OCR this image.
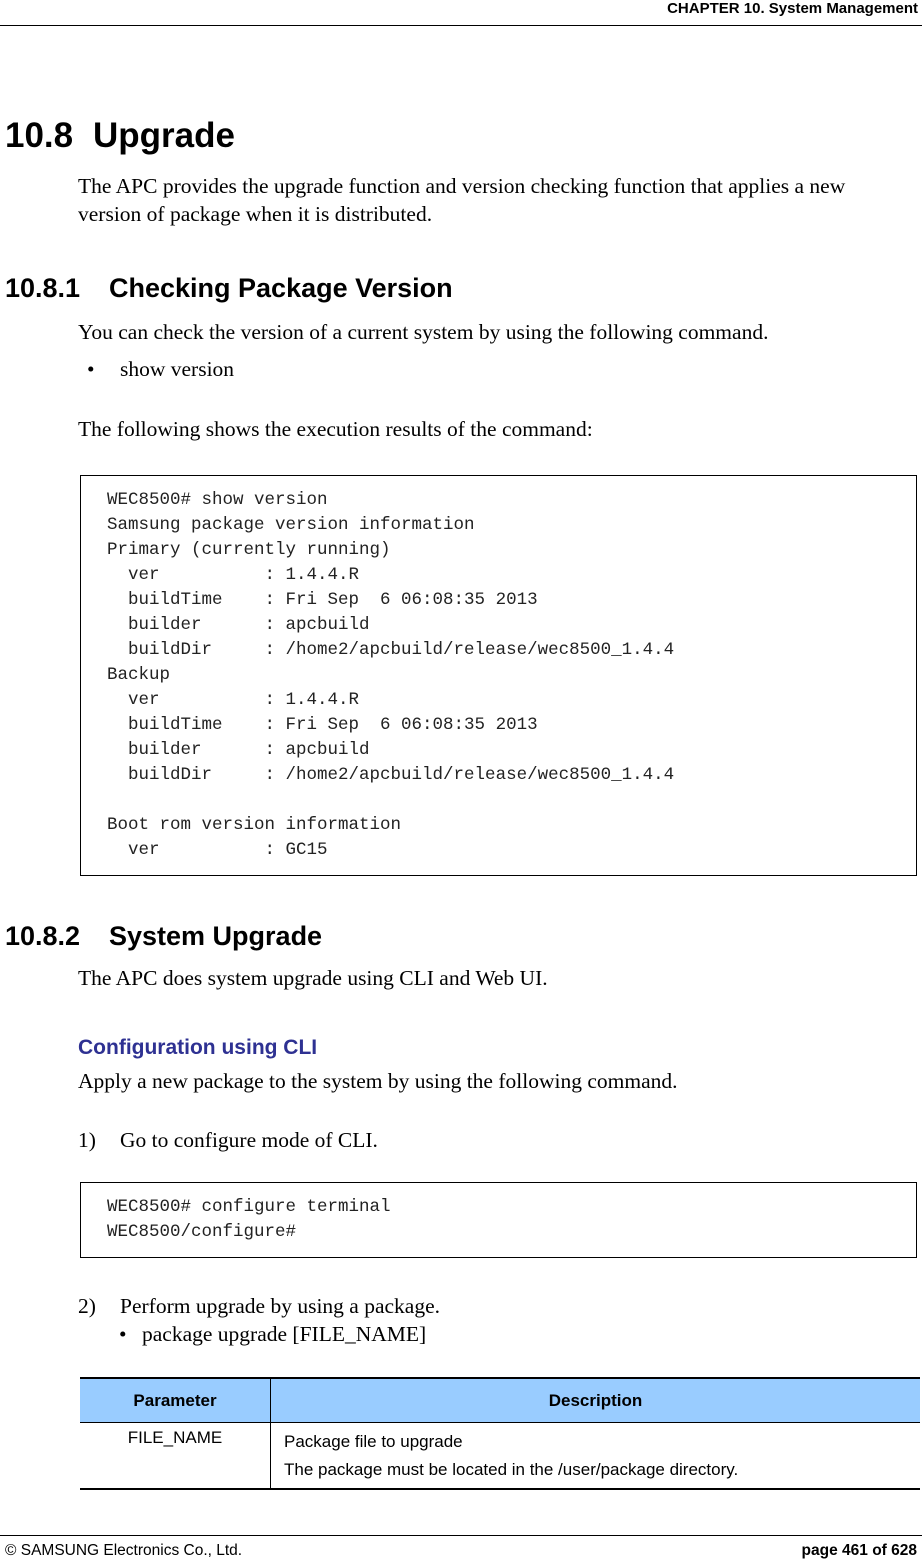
CHAPTER 10. System Management
10.8 Upgrade
The APC provides the upgrade function and version checking function that applies a new
version of package when it is distributed.
10.8.1 Checking Package Version
You can check the version of a current system by using the following command.
• show version
The following shows the execution results of the command:
WEC8500# show version
Samsung package version information
Primary (currently running)
ver          : 1.4.4.R
buildTime    : Fri Sep  6 06:08:35 2013
builder      : apcbuild
buildDir     : /home2/apcbuild/release/wec8500_1.4.4
Backup
ver          : 1.4.4.R
buildTime    : Fri Sep  6 06:08:35 2013
builder      : apcbuild
buildDir     : /home2/apcbuild/release/wec8500_1.4.4

Boot rom version information
ver          : GC15
10.8.2 System Upgrade
The APC does system upgrade using CLI and Web UI.
Configuration using CLI
Apply a new package to the system by using the following command.
1) Go to configure mode of CLI.
WEC8500# configure terminal
WEC8500/configure#
2) Perform upgrade by using a package.
• package upgrade [FILE_NAME]
Parameter	Description
FILE_NAME	Package file to upgrade
The package must be located in the /user/package directory.
© SAMSUNG Electronics Co., Ltd.	page 461 of 628
